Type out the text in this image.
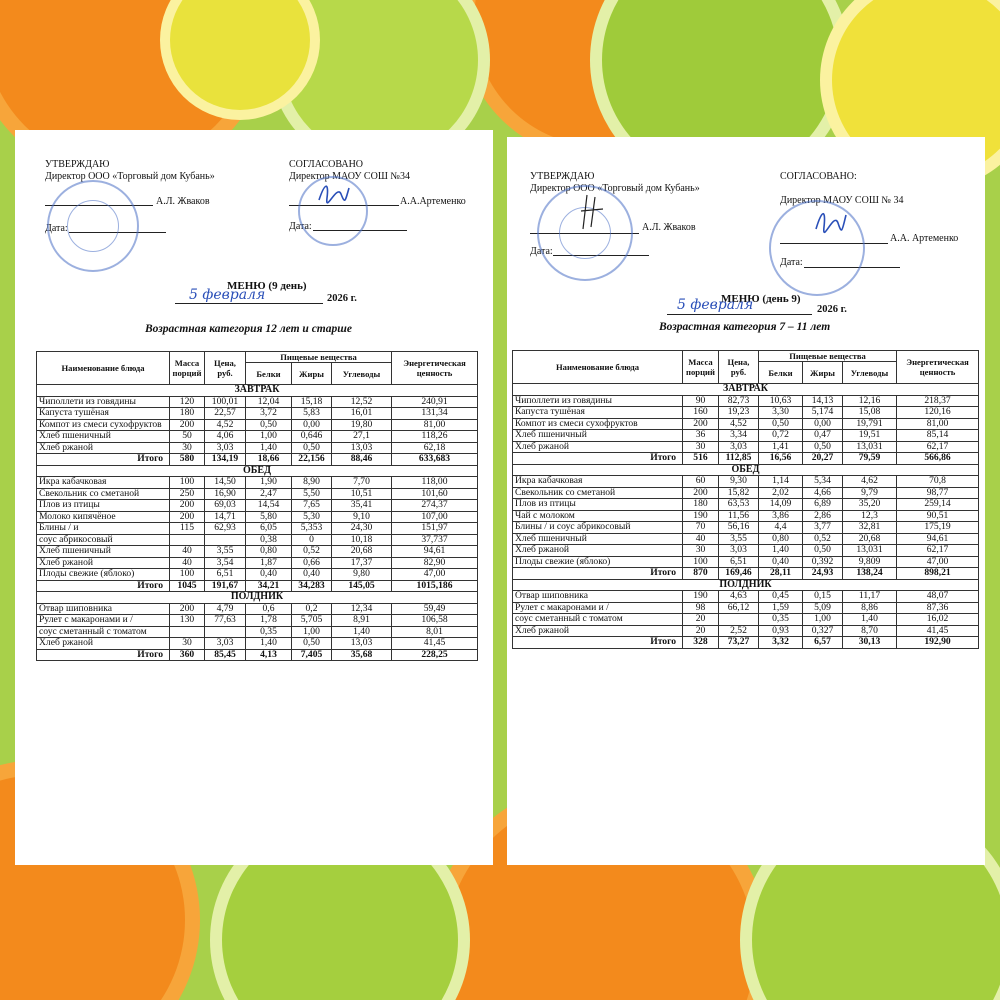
УТВЕРЖДАЮ
Директор ООО «Торговый дом Кубань»
А.Л. Жваков
Дата:
СОГЛАСОВАНО
Директор МАОУ СОШ №34
А.А.Артеменко
Дата:
МЕНЮ (9 день)
5 февраля	2026 г.
Возрастная категория 12 лет и старше
Наименование блюда	Масса порций	Цена, руб.	Пищевые вещества			Энергетическая ценность
			Белки	Жиры	Углеводы	
ЗАВТРАК						
Чиполлети из говядины	120	100,01	12,04	15,18	12,52	240,91
Капуста тушёная	180	22,57	3,72	5,83	16,01	131,34
Компот из смеси сухофруктов	200	4,52	0,50	0,00	19,80	81,00
Хлеб пшеничный	50	4,06	1,00	0,646	27,1	118,26
Хлеб ржаной	30	3,03	1,40	0,50	13,03	62,18
Итого	580	134,19	18,66	22,156	88,46	633,683
ОБЕД						
Икра кабачковая	100	14,50	1,90	8,90	7,70	118,00
Свекольник со сметаной	250	16,90	2,47	5,50	10,51	101,60
Плов из птицы	200	69,03	14,54	7,65	35,41	274,37
Молоко кипячёное	200	14,71	5,80	5,30	9,10	107,00
Блины / и	115	62,93	6,05	5,353	24,30	151,97
соус абрикосовый			0,38	0	10,18	37,737
Хлеб пшеничный	40	3,55	0,80	0,52	20,68	94,61
Хлеб ржаной	40	3,54	1,87	0,66	17,37	82,90
Плоды свежие (яблоко)	100	6,51	0,40	0,40	9,80	47,00
Итого	1045	191,67	34,21	34,283	145,05	1015,186
ПОЛДНИК						
Отвар шиповника	200	4,79	0,6	0,2	12,34	59,49
Рулет с макаронами и /	130	77,63	1,78	5,705	8,91	106,58
соус сметанный с томатом			0,35	1,00	1,40	8,01
Хлеб ржаной	30	3,03	1,40	0,50	13,03	41,45
Итого	360	85,45	4,13	7,405	35,68	228,25
УТВЕРЖДАЮ
Директор ООО «Торговый дом Кубань»
А.Л. Жваков
Дата:
СОГЛАСОВАНО:
Директор МАОУ СОШ № 34
А.А. Артеменко
Дата:
МЕНЮ (день 9)
5 февраля	2026 г.
Возрастная категория 7 – 11 лет
Наименование блюда	Масса порций	Цена, руб.	Пищевые вещества			Энергетическая ценность
			Белки	Жиры	Углеводы	
ЗАВТРАК						
Чиполлети из говядины	90	82,73	10,63	14,13	12,16	218,37
Капуста тушёная	160	19,23	3,30	5,174	15,08	120,16
Компот из смеси сухофруктов	200	4,52	0,50	0,00	19,791	81,00
Хлеб пшеничный	36	3,34	0,72	0,47	19,51	85,14
Хлеб ржаной	30	3,03	1,41	0,50	13,031	62,17
Итого	516	112,85	16,56	20,27	79,59	566,86
ОБЕД						
Икра кабачковая	60	9,30	1,14	5,34	4,62	70,8
Свекольник со сметаной	200	15,82	2,02	4,66	9,79	98,77
Плов из птицы	180	63,53	14,09	6,89	35,20	259,14
Чай с молоком	190	11,56	3,86	2,86	12,3	90,51
Блины / и соус абрикосовый	70	56,16	4,4	3,77	32,81	175,19
Хлеб пшеничный	40	3,55	0,80	0,52	20,68	94,61
Хлеб ржаной	30	3,03	1,40	0,50	13,031	62,17
Плоды свежие (яблоко)	100	6,51	0,40	0,392	9,809	47,00
Итого	870	169,46	28,11	24,93	138,24	898,21
ПОЛДНИК						
Отвар шиповника	190	4,63	0,45	0,15	11,17	48,07
Рулет с макаронами и /	98	66,12	1,59	5,09	8,86	87,36
соус сметанный с томатом	20		0,35	1,00	1,40	16,02
Хлеб ржаной	20	2,52	0,93	0,327	8,70	41,45
Итого	328	73,27	3,32	6,57	30,13	192,90
